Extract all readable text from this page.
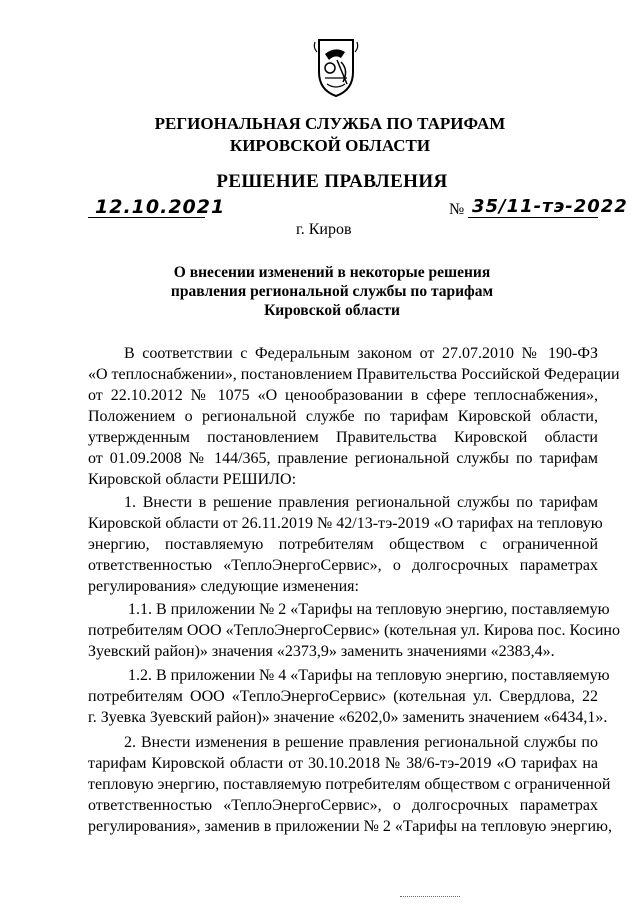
РЕГИОНАЛЬНАЯ СЛУЖБА ПО ТАРИФАМ
КИРОВСКОЙ ОБЛАСТИ
РЕШЕНИЕ ПРАВЛЕНИЯ
12.10.2021	№ 35/11-тэ-2022
г. Киров
О внесении изменений в некоторые решения
правления региональной службы по тарифам
Кировской области
В соответствии с Федеральным законом от 27.07.2010 № 190-ФЗ
«О теплоснабжении», постановлением Правительства Российской Федерации
от 22.10.2012 № 1075 «О ценообразовании в сфере теплоснабжения»,
Положением о региональной службе по тарифам Кировской области,
утвержденным постановлением Правительства Кировской области
от 01.09.2008 № 144/365, правление региональной службы по тарифам
Кировской области РЕШИЛО:
1. Внести в решение правления региональной службы по тарифам
Кировской области от 26.11.2019 № 42/13-тэ-2019 «О тарифах на тепловую
энергию, поставляемую потребителям обществом с ограниченной
ответственностью «ТеплоЭнергоСервис», о долгосрочных параметрах
регулирования» следующие изменения:
1.1. В приложении № 2 «Тарифы на тепловую энергию, поставляемую
потребителям ООО «ТеплоЭнергоСервис» (котельная ул. Кирова пос. Косино
Зуевский район)» значения «2373,9» заменить значениями «2383,4».
1.2. В приложении № 4 «Тарифы на тепловую энергию, поставляемую
потребителям ООО «ТеплоЭнергоСервис» (котельная ул. Свердлова, 22
г. Зуевка Зуевский район)» значение «6202,0» заменить значением «6434,1».
2. Внести изменения в решение правления региональной службы по
тарифам Кировской области от 30.10.2018 № 38/6-тэ-2019 «О тарифах на
тепловую энергию, поставляемую потребителям обществом с ограниченной
ответственностью «ТеплоЭнергоСервис», о долгосрочных параметрах
регулирования», заменив в приложении № 2 «Тарифы на тепловую энергию,
